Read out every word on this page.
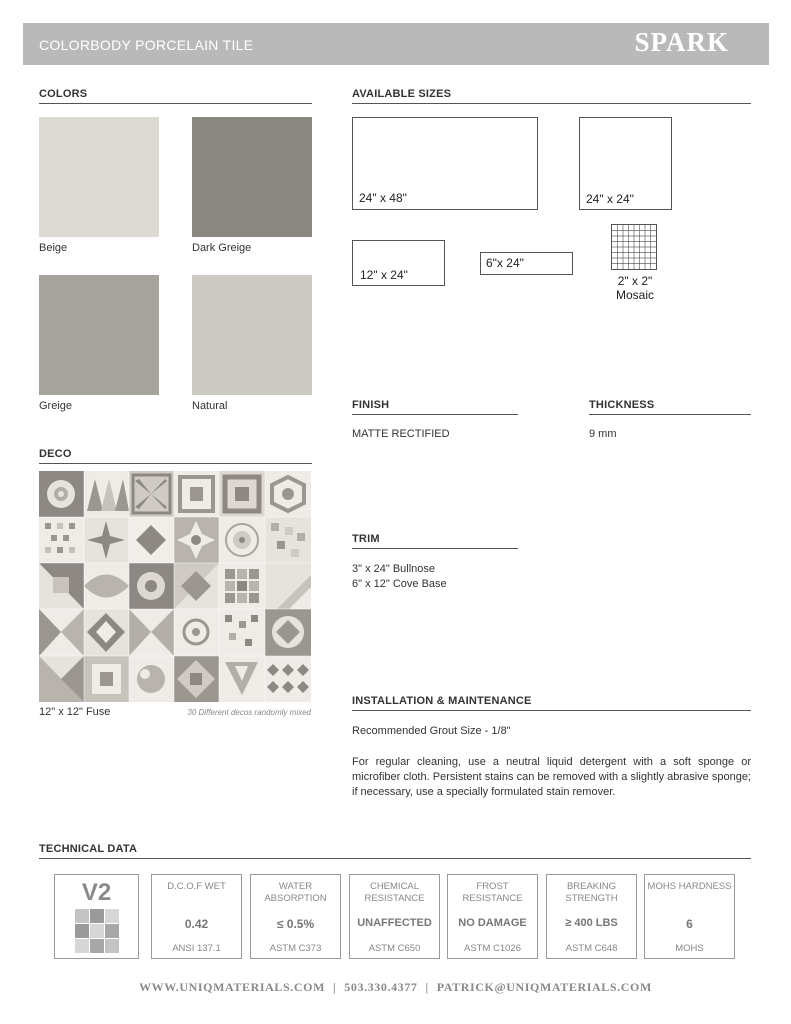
COLORBODY PORCELAIN TILE	SPARK
COLORS
Beige	Dark Greige
Greige	Natural
AVAILABLE SIZES
24" x 48"	24" x 24"
12" x 24"
6"x 24"
2" x 2"
Mosaic
FINISH
MATTE RECTIFIED
THICKNESS
9 mm
DECO
12" x 12" Fuse	30 Different decos randomly mixed
TRIM
3" x 24" Bullnose
6" x 12" Cove Base
INSTALLATION & MAINTENANCE
Recommended Grout Size - 1/8"
For regular cleaning, use a neutral liquid detergent with a soft sponge or microfiber cloth. Persistent stains can be removed with a slightly abrasive sponge; if necessary, use a specially formulated stain remover.
TECHNICAL DATA
V2	D.C.O.F WET
0.42
ANSI 137.1
WATER ABSORPTION
≤ 0.5%
ASTM C373
CHEMICAL RESISTANCE
UNAFFECTED
ASTM C650
FROST RESISTANCE
NO DAMAGE
ASTM C1026
BREAKING STRENGTH
≥ 400 LBS
ASTM C648
MOHS HARDNESS
6
MOHS
WWW.UNIQMATERIALS.COM | 503.330.4377 | PATRICK@UNIQMATERIALS.COM
